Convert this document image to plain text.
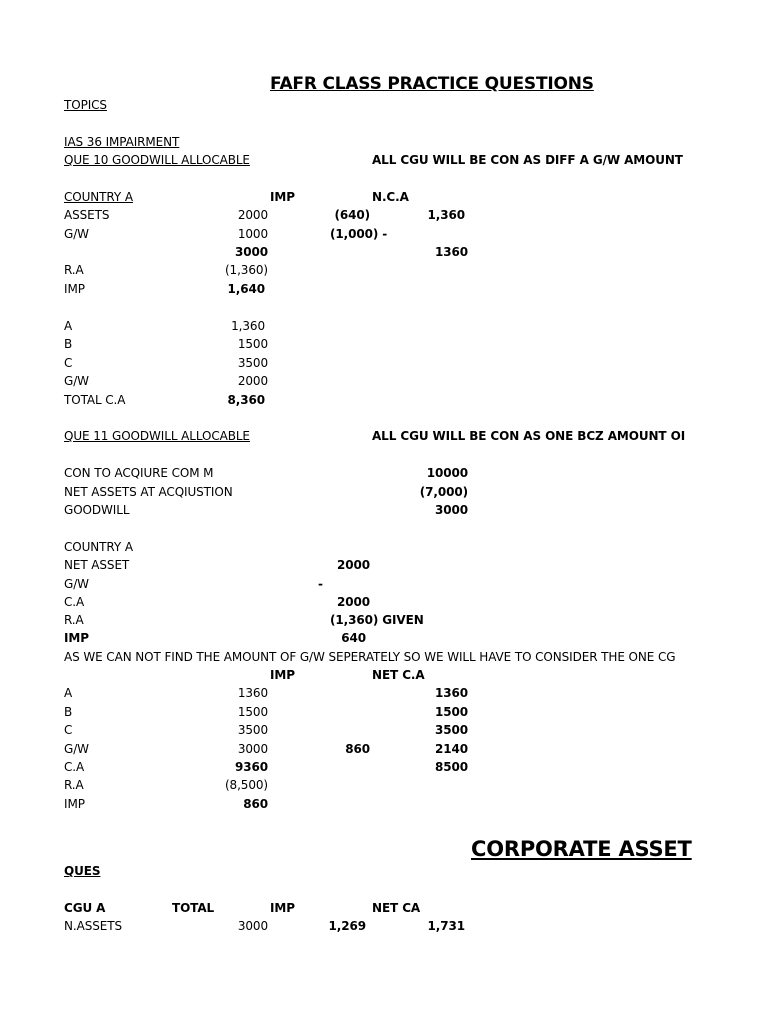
FAFR CLASS PRACTICE QUESTIONS
TOPICS
IAS 36 IMPAIRMENT
QUE 10 GOODWILL ALLOCABLE	ALL CGU WILL BE CON AS DIFF A G/W AMOUNT
COUNTRY A	IMP	N.C.A
ASSETS	2000	(640)	1,360
G/W	1000	(1,000) -
3000	1360
R.A	(1,360)
IMP	1,640
A	1,360
B	1500
C	3500
G/W	2000
TOTAL C.A	8,360
QUE 11 GOODWILL ALLOCABLE	ALL CGU WILL BE CON AS ONE BCZ AMOUNT OI
CON TO ACQIURE COM M	10000
NET ASSETS AT ACQIUSTION	(7,000)
GOODWILL	3000
COUNTRY A
NET ASSET	2000
G/W	-
C.A	2000
R.A	(1,360) GIVEN
IMP	640
AS WE CAN NOT FIND THE AMOUNT OF G/W SEPERATELY SO WE WILL HAVE TO CONSIDER THE ONE CG
IMP	NET C.A
A	1360	1360
B	1500	1500
C	3500	3500
G/W	3000	860	2140
C.A	9360	8500
R.A	(8,500)
IMP	860
CORPORATE ASSET
QUES
CGU A	TOTAL	IMP	NET CA
N.ASSETS	3000	1,269	1,731
